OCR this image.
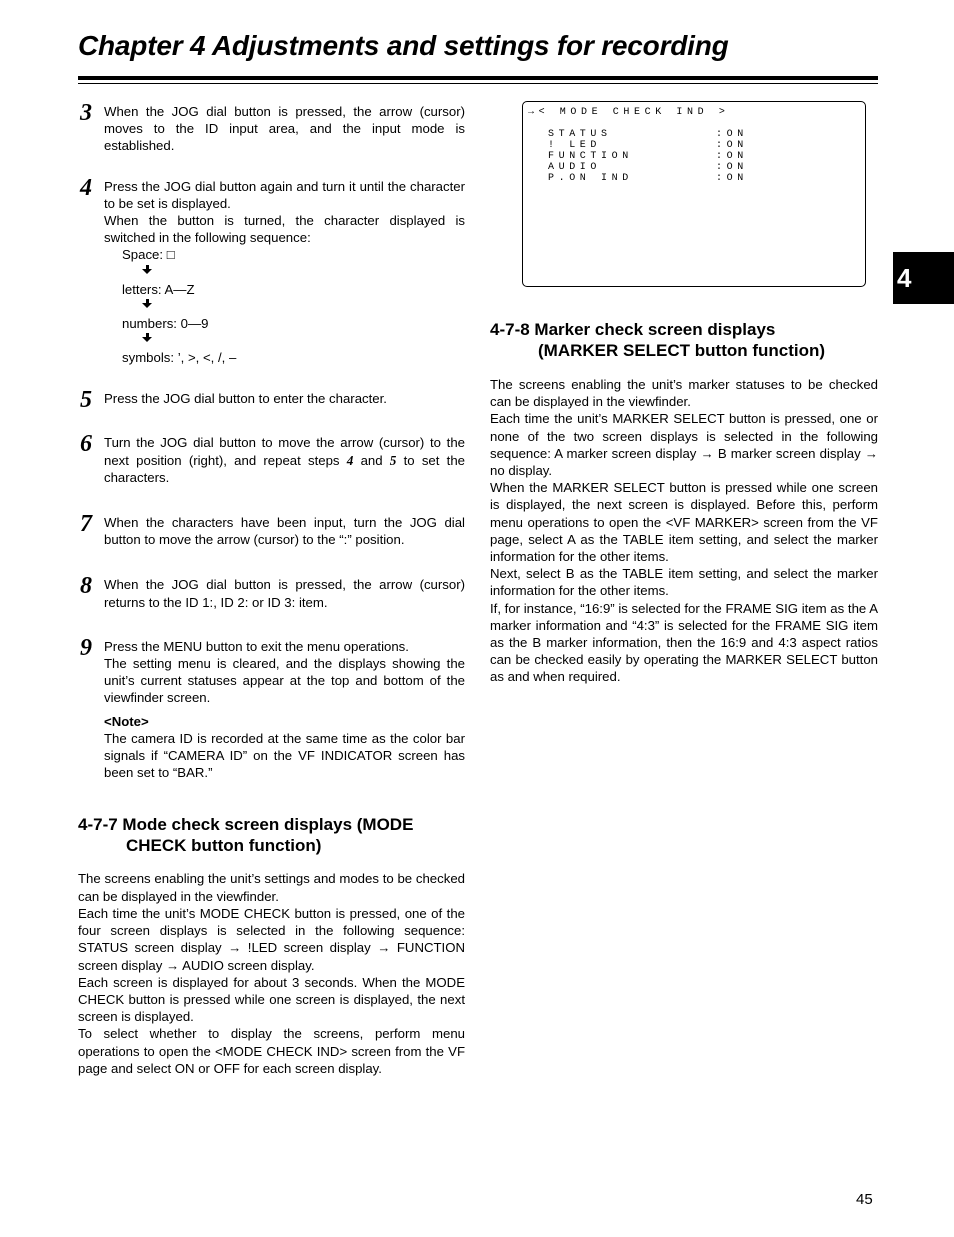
Chapter 4 Adjustments and settings for recording
3 When the JOG dial button is pressed, the arrow (cursor) moves to the ID input area, and the input mode is established.

4 Press the JOG dial button again and turn it until the character to be set is displayed.

When the button is turned, the character displayed is switched in the following sequence:

Space: □
letters: A—Z
numbers: 0—9
symbols: ’, >, <, /, –
5 Press the JOG dial button to enter the character.

6 Turn the JOG dial button to move the arrow (cursor) to the next position (right), and repeat steps 4 and 5 to set the characters.

7 When the characters have been input, turn the JOG dial button to move the arrow (cursor) to the “:” position.

8 When the JOG dial button is pressed, the arrow (cursor) returns to the ID 1:, ID 2: or ID 3: item.

9 Press the MENU button to exit the menu operations.

The setting menu is cleared, and the displays showing the unit’s current statuses appear at the top and bottom of the viewfinder screen.

<Note>

The camera ID is recorded at the same time as the color bar signals if “CAMERA ID” on the VF INDICATOR screen has been set to “BAR.”

4-7-7 Mode check screen displays (MODE
CHECK button function)

The screens enabling the unit’s settings and modes to be checked can be displayed in the viewfinder.

Each time the unit’s MODE CHECK button is pressed, one of the four screen displays is selected in the following sequence: STATUS screen display → !LED screen display → FUNCTION screen display → AUDIO screen display.

Each screen is displayed for about 3 seconds. When the MODE CHECK button is pressed while one screen is displayed, the next screen is displayed.

To select whether to display the screens, perform menu operations to open the <MODE CHECK IND> screen from the VF page and select ON or OFF for each screen display.

→< MODE CHECK IND >
STATUS	:ON
! LED	:ON
FUNCTION	:ON
AUDIO	:ON
P.ON IND	:ON
4-7-8 Marker check screen displays
(MARKER SELECT button function)

The screens enabling the unit’s marker statuses to be checked can be displayed in the viewfinder.

Each time the unit’s MARKER SELECT button is pressed, one or none of the two screen displays is selected in the following sequence: A marker screen display → B marker screen display → no display.

When the MARKER SELECT button is pressed while one screen is displayed, the next screen is displayed. Before this, perform menu operations to open the <VF MARKER> screen from the VF page, select A as the TABLE item setting, and select the marker information for the other items.

Next, select B as the TABLE item setting, and select the marker information for the other items.

If, for instance, “16:9” is selected for the FRAME SIG item as the A marker information and “4:3” is selected for the FRAME SIG item as the B marker information, then the 16:9 and 4:3 aspect ratios can be checked easily by operating the MARKER SELECT button as and when required.

4
45
